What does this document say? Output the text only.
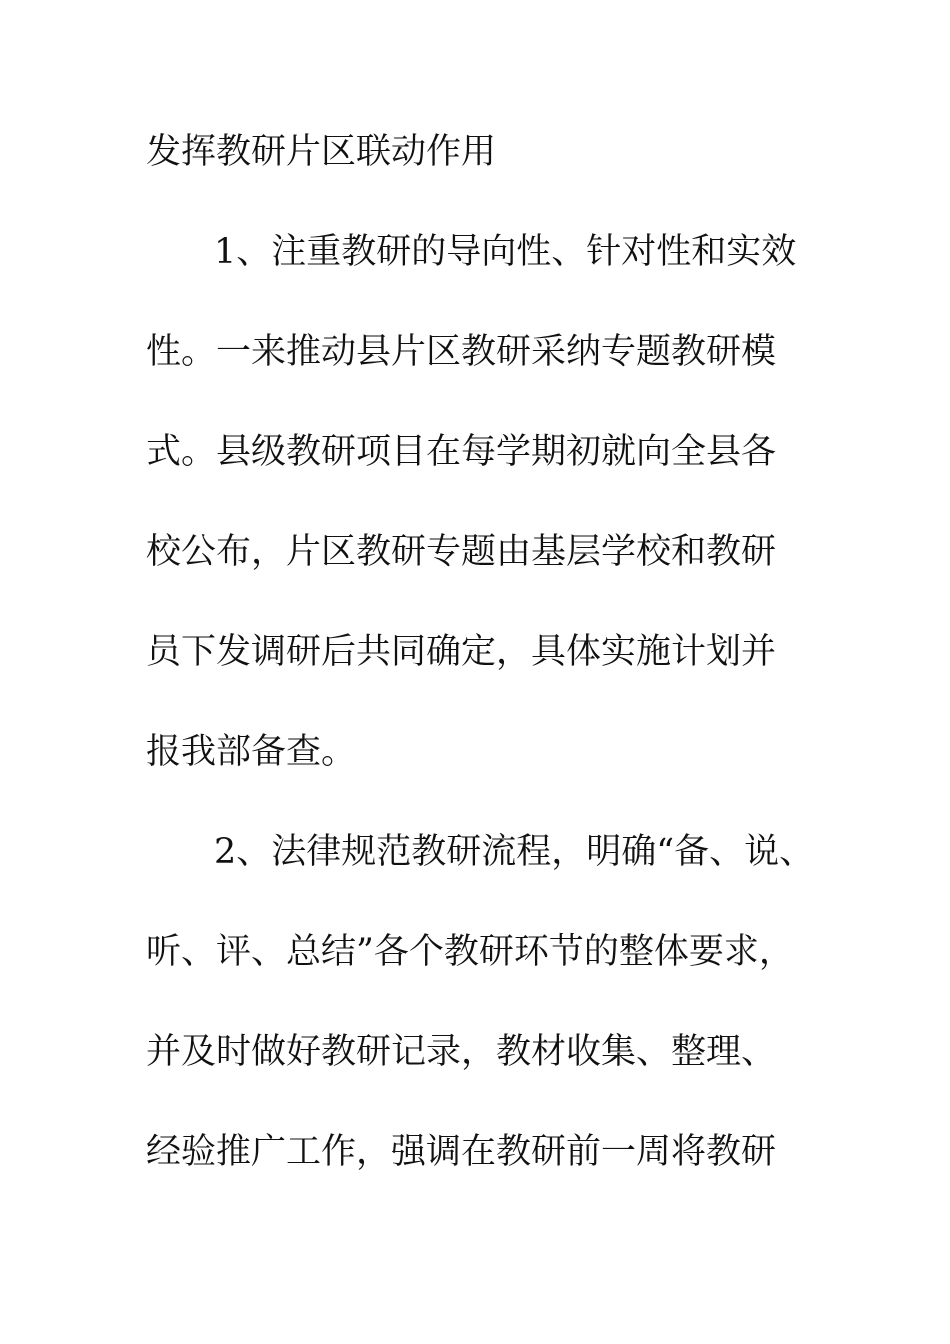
发挥教研片区联动作用
1、注重教研的导向性、针对性和实效
性。一来推动县片区教研采纳专题教研模
式。县级教研项目在每学期初就向全县各
校公布，片区教研专题由基层学校和教研
员下发调研后共同确定，具体实施计划并
报我部备查。
2、法律规范教研流程，明确“备、说、
听、评、总结”各个教研环节的整体要求，
并及时做好教研记录，教材收集、整理、
经验推广工作，强调在教研前一周将教研
